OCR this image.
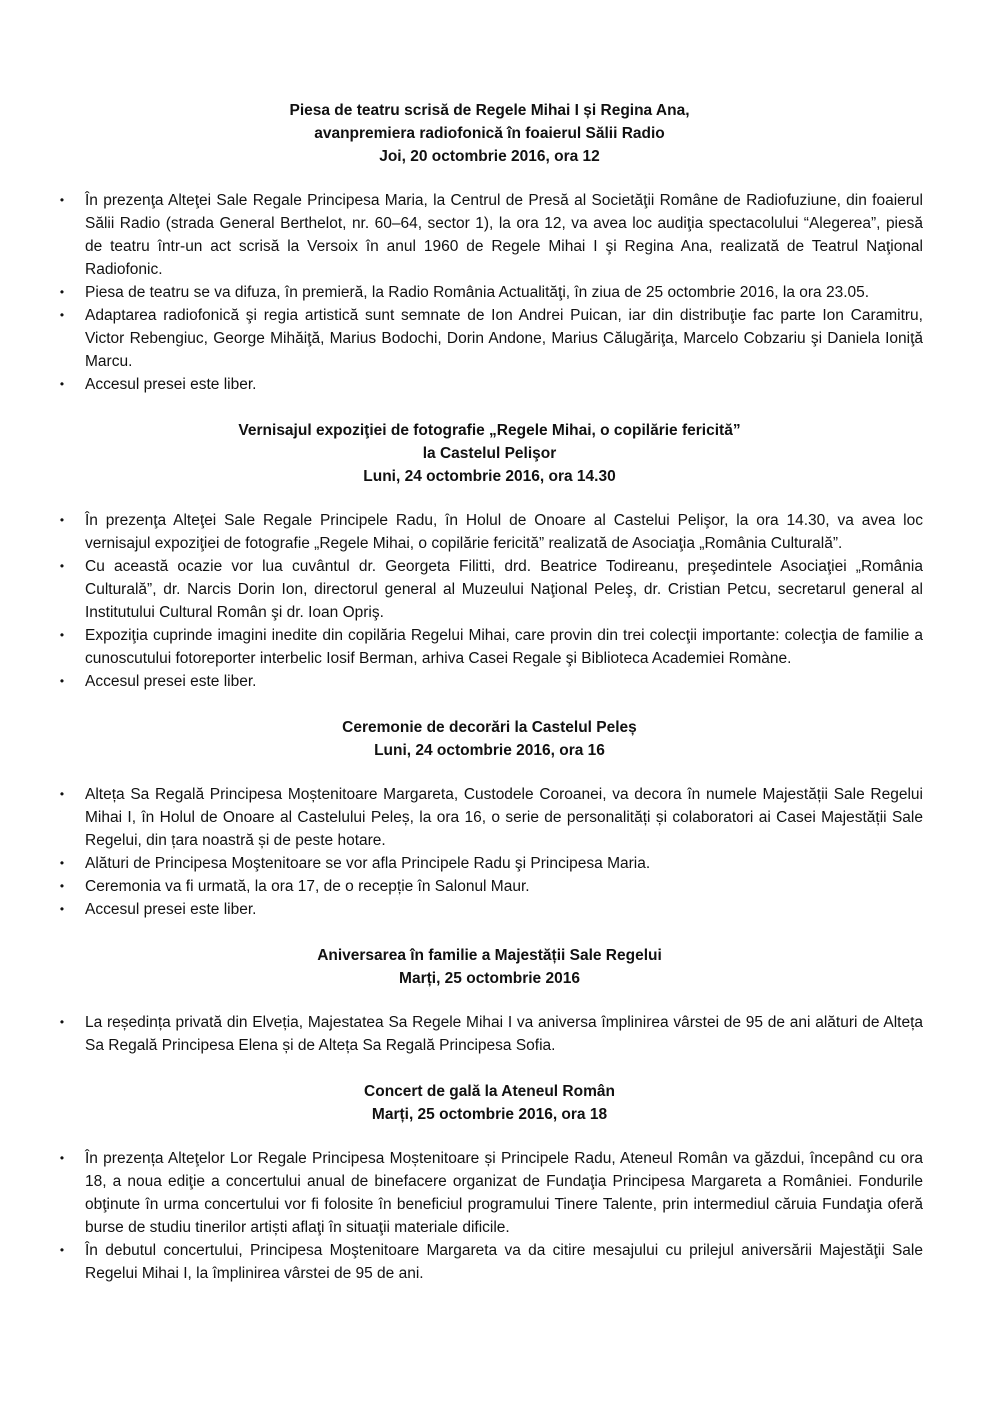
Piesa de teatru scrisă de Regele Mihai I și Regina Ana,
avanpremiera radiofonică în foaierul Sălii Radio
Joi, 20 octombrie 2016, ora 12
• În prezenţa Alteţei Sale Regale Principesa Maria, la Centrul de Presă al Societăţii Române de Radiofuziune, din foaierul Sălii Radio (strada General Berthelot, nr. 60–64, sector 1), la ora 12, va avea loc audiţia spectacolului “Alegerea”, piesă de teatru într-un act scrisă la Versoix în anul 1960 de Regele Mihai I şi Regina Ana, realizată de Teatrul Naţional Radiofonic.
• Piesa de teatru se va difuza, în premieră, la Radio România Actualităţi, în ziua de 25 octombrie 2016, la ora 23.05.
• Adaptarea radiofonică şi regia artistică sunt semnate de Ion Andrei Puican, iar din distribuţie fac parte Ion Caramitru, Victor Rebengiuc, George Mihăiţă, Marius Bodochi, Dorin Andone, Marius Călugăriţa, Marcelo Cobzariu şi Daniela Ioniţă Marcu.
• Accesul presei este liber.
Vernisajul expoziţiei de fotografie „Regele Mihai, o copilărie fericită”
la Castelul Pelişor
Luni, 24 octombrie 2016, ora 14.30
• În prezenţa Alteţei Sale Regale Principele Radu, în Holul de Onoare al Castelui Pelişor, la ora 14.30, va avea loc vernisajul expoziţiei de fotografie „Regele Mihai, o copilărie fericită” realizată de Asociaţia „România Culturală”.
• Cu această ocazie vor lua cuvântul dr. Georgeta Filitti, drd. Beatrice Todireanu, preşedintele Asociaţiei „România Culturală”, dr. Narcis Dorin Ion, directorul general al Muzeului Naţional Peleş, dr. Cristian Petcu, secretarul general al Institutului Cultural Român şi dr. Ioan Opriş.
• Expoziţia cuprinde imagini inedite din copilăria Regelui Mihai, care provin din trei colecţii importante: colecţia de familie a cunoscutului fotoreporter interbelic Iosif Berman, arhiva Casei Regale şi Biblioteca Academiei Romàne.
• Accesul presei este liber.
Ceremonie de decorări la Castelul Peleș
Luni, 24 octombrie 2016, ora 16
• Alteța Sa Regală Principesa Moștenitoare Margareta, Custodele Coroanei, va decora în numele Majestății Sale Regelui Mihai I, în Holul de Onoare al Castelului Peleș, la ora 16, o serie de personalități și colaboratori ai Casei Majestății Sale Regelui, din țara noastră și de peste hotare.
• Alături de Principesa Moştenitoare se vor afla Principele Radu şi Principesa Maria.
• Ceremonia va fi urmată, la ora 17, de o recepție în Salonul Maur.
• Accesul presei este liber.
Aniversarea în familie a Majestății Sale Regelui
Marți, 25 octombrie 2016
• La reședința privată din Elveția, Majestatea Sa Regele Mihai I va aniversa împlinirea vârstei de 95 de ani alături de Alteța Sa Regală Principesa Elena și de Alteța Sa Regală Principesa Sofia.
Concert de gală la Ateneul Român
Marți, 25 octombrie 2016, ora 18
• În prezența Alteţelor Lor Regale Principesa Moștenitoare și Principele Radu, Ateneul Român va găzdui, începând cu ora 18, a noua ediţie a concertului anual de binefacere organizat de Fundaţia Principesa Margareta a României. Fondurile obţinute în urma concertului vor fi folosite în beneficiul programului Tinere Talente, prin intermediul căruia Fundaţia oferă burse de studiu tinerilor artiști aflaţi în situaţii materiale dificile.
• În debutul concertului, Principesa Moştenitoare Margareta va da citire mesajului cu prilejul aniversării Majestăţii Sale Regelui Mihai I, la împlinirea vârstei de 95 de ani.
